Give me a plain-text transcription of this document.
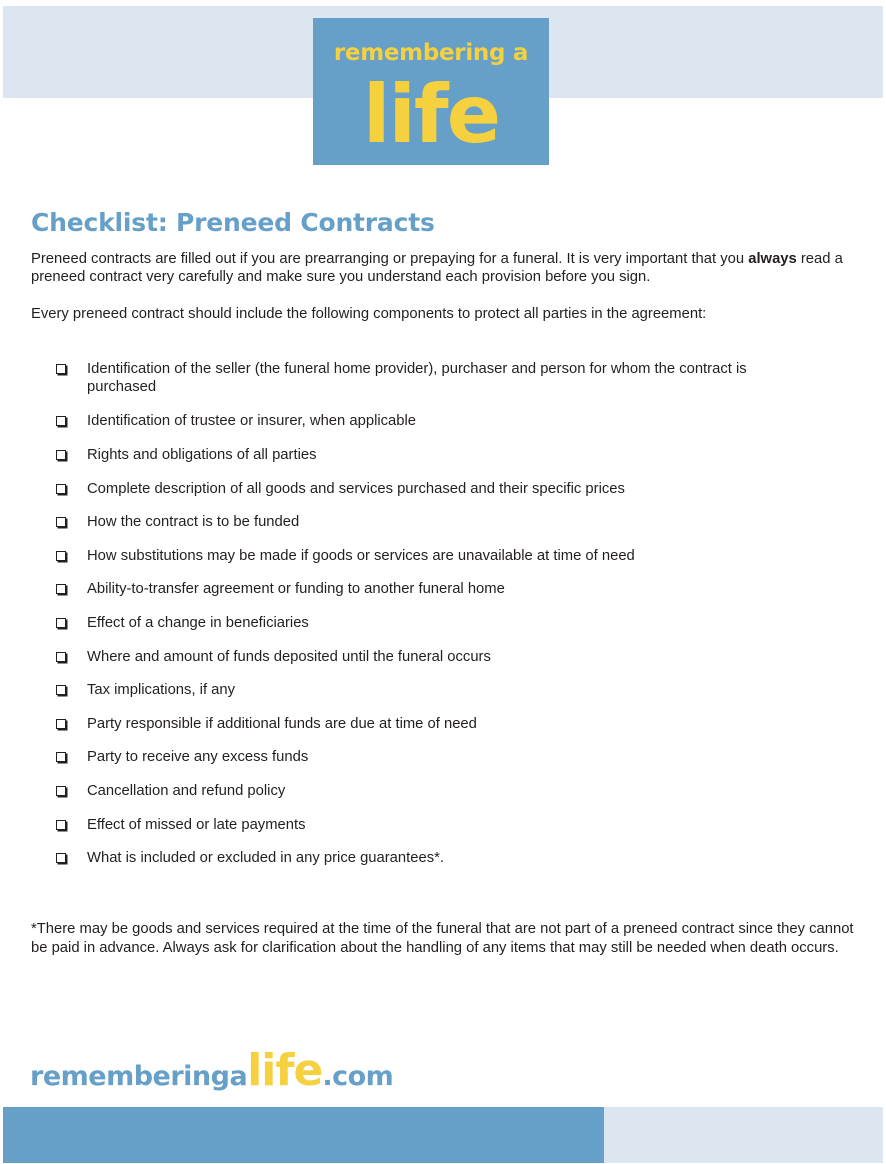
remembering a
life
Checklist: Preneed Contracts

Preneed contracts are filled out if you are prearranging or prepaying for a funeral. It is very important that you always read a preneed contract very carefully and make sure you understand each provision before you sign.

Every preneed contract should include the following components to protect all parties in the agreement:

Identification of the seller (the funeral home provider), purchaser and person for whom the contract is purchased
Identification of trustee or insurer, when applicable
Rights and obligations of all parties
Complete description of all goods and services purchased and their specific prices
How the contract is to be funded
How substitutions may be made if goods or services are unavailable at time of need
Ability-to-transfer agreement or funding to another funeral home
Effect of a change in beneficiaries
Where and amount of funds deposited until the funeral occurs
Tax implications, if any
Party responsible if additional funds are due at time of need
Party to receive any excess funds
Cancellation and refund policy
Effect of missed or late payments
What is included or excluded in any price guarantees*.

*There may be goods and services required at the time of the funeral that are not part of a preneed contract since they cannot be paid in advance. Always ask for clarification about the handling of any items that may still be needed when death occurs.

rememberingalife.com
